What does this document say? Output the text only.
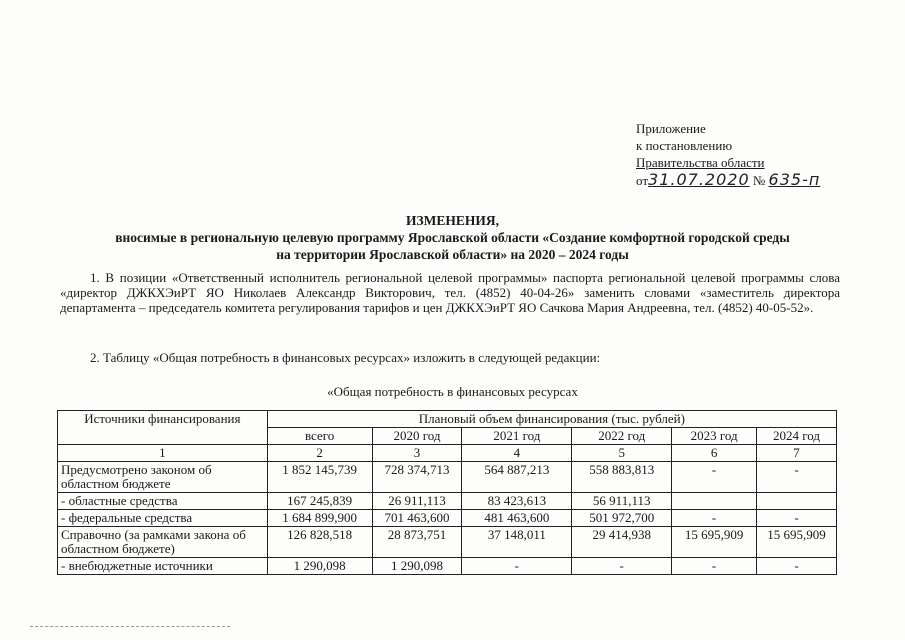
Приложение
к постановлению
Правительства области
от31.07.2020 № 635-п
ИЗМЕНЕНИЯ,
вносимые в региональную целевую программу Ярославской области «Создание комфортной городской среды
на территории Ярославской области» на 2020 – 2024 годы
1. В позиции «Ответственный исполнитель региональной целевой программы» паспорта региональной целевой программы слова «директор ДЖКХЭиРТ ЯО Николаев Александр Викторович, тел. (4852) 40-04-26» заменить словами «заместитель директора департамента – председатель комитета регулирования тарифов и цен ДЖКХЭиРТ ЯО Сачкова Мария Андреевна, тел. (4852) 40-05-52».
2. Таблицу «Общая потребность в финансовых ресурсах» изложить в следующей редакции:
«Общая потребность в финансовых ресурсах
Источники финансирования	Плановый объем финансирования (тыс. рублей)					
	всего	2020 год	2021 год	2022 год	2023 год	2024 год
1	2	3	4	5	6	7
Предусмотрено законом об областном бюджете	1 852 145,739	728 374,713	564 887,213	558 883,813	-	-
- областные средства	167 245,839	26 911,113	83 423,613	56 911,113		
- федеральные средства	1 684 899,900	701 463,600	481 463,600	501 972,700	-	-
Справочно (за рамками закона об областном бюджете)	126 828,518	28 873,751	37 148,011	29 414,938	15 695,909	15 695,909
- внебюджетные источники	1 290,098	1 290,098	-	-	-	-
